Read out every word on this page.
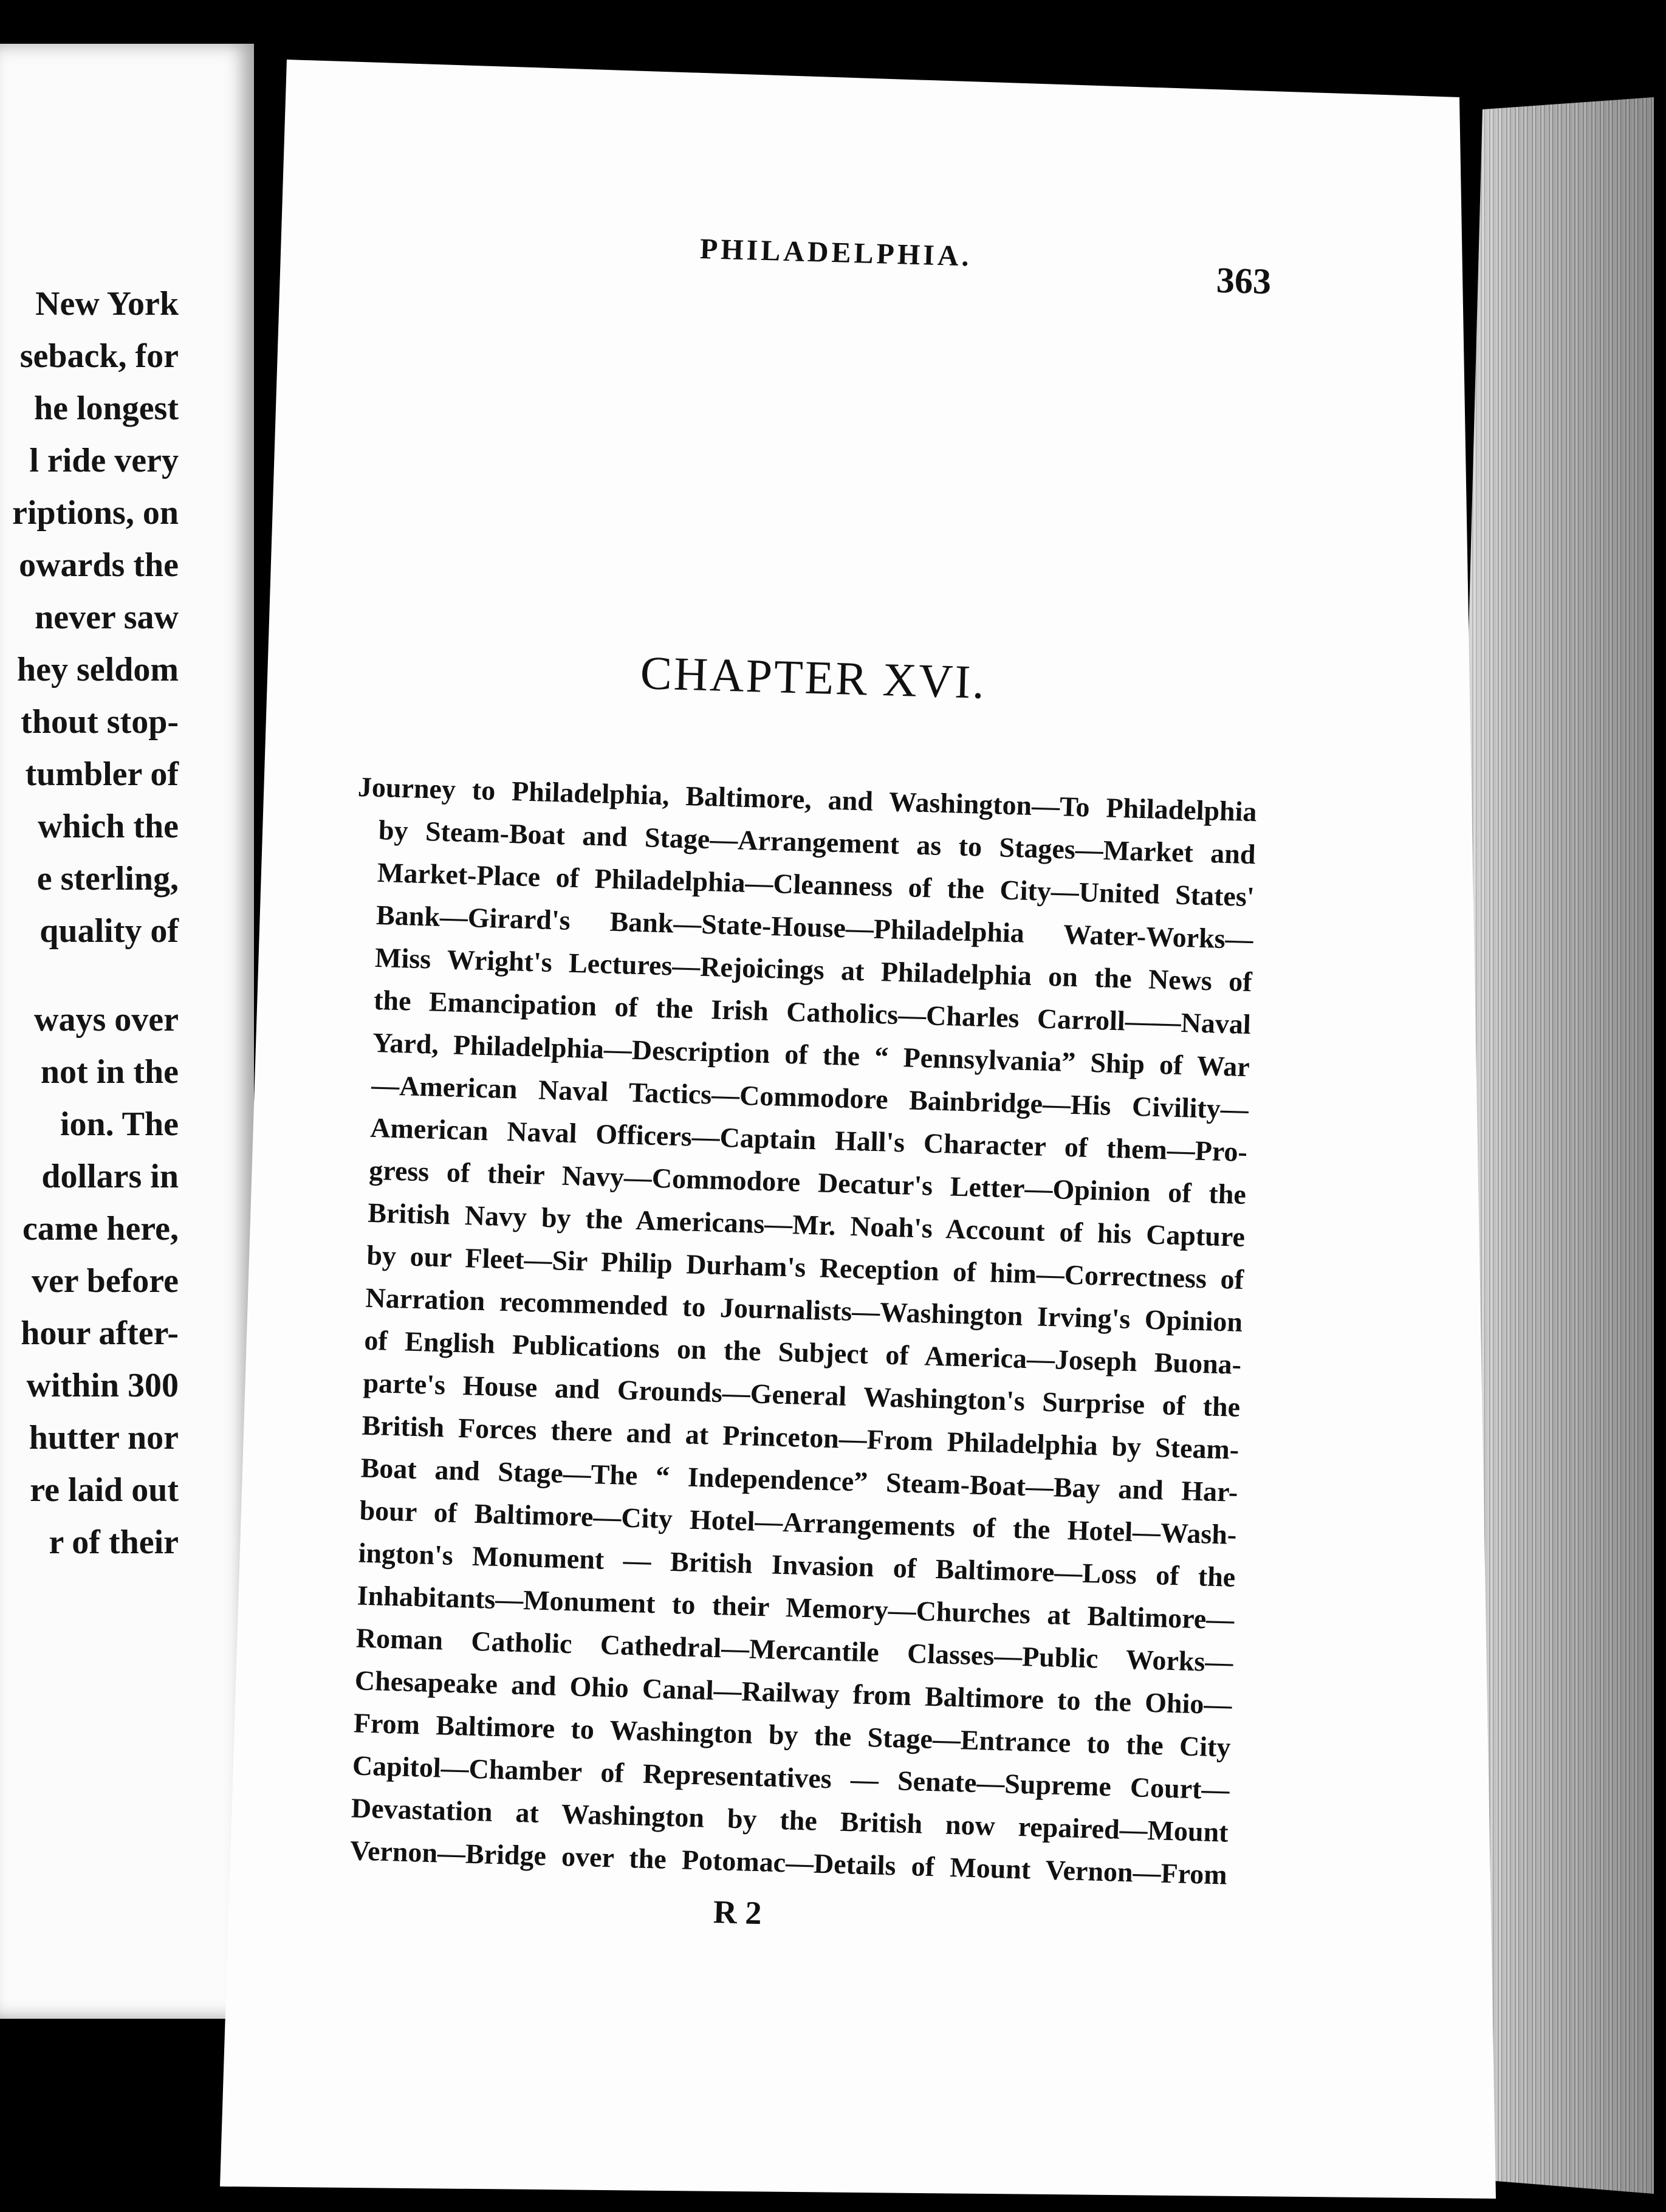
New York
seback, for
he longest
l ride very
riptions, on
owards the
never saw
hey seldom
thout stop-
tumbler of
which the
e sterling,
quality of
ways over
not in the
ion. The
dollars in
came here,
ver before
hour after-
within 300
hutter nor
re laid out
r of their
PHILADELPHIA.
363
CHAPTER XVI.
Journey to Philadelphia, Baltimore, and Washington—To Philadelphia
by Steam-Boat and Stage—Arrangement as to Stages—Market and
Market-Place of Philadelphia—Cleanness of the City—United States'
Bank—Girard's Bank—State-House—Philadelphia Water-Works—
Miss Wright's Lectures—Rejoicings at Philadelphia on the News of
the Emancipation of the Irish Catholics—Charles Carroll——Naval
Yard, Philadelphia—Description of the “ Pennsylvania” Ship of War
—American Naval Tactics—Commodore Bainbridge—His Civility—
American Naval Officers—Captain Hall's Character of them—Pro-
gress of their Navy—Commodore Decatur's Letter—Opinion of the
British Navy by the Americans—Mr. Noah's Account of his Capture
by our Fleet—Sir Philip Durham's Reception of him—Correctness of
Narration recommended to Journalists—Washington Irving's Opinion
of English Publications on the Subject of America—Joseph Buona-
parte's House and Grounds—General Washington's Surprise of the
British Forces there and at Princeton—From Philadelphia by Steam-
Boat and Stage—The “ Independence” Steam-Boat—Bay and Har-
bour of Baltimore—City Hotel—Arrangements of the Hotel—Wash-
ington's Monument — British Invasion of Baltimore—Loss of the
Inhabitants—Monument to their Memory—Churches at Baltimore—
Roman Catholic Cathedral—Mercantile Classes—Public Works—
Chesapeake and Ohio Canal—Railway from Baltimore to the Ohio—
From Baltimore to Washington by the Stage—Entrance to the City
Capitol—Chamber of Representatives — Senate—Supreme Court—
Devastation at Washington by the British now repaired—Mount
Vernon—Bridge over the Potomac—Details of Mount Vernon—From
R 2
